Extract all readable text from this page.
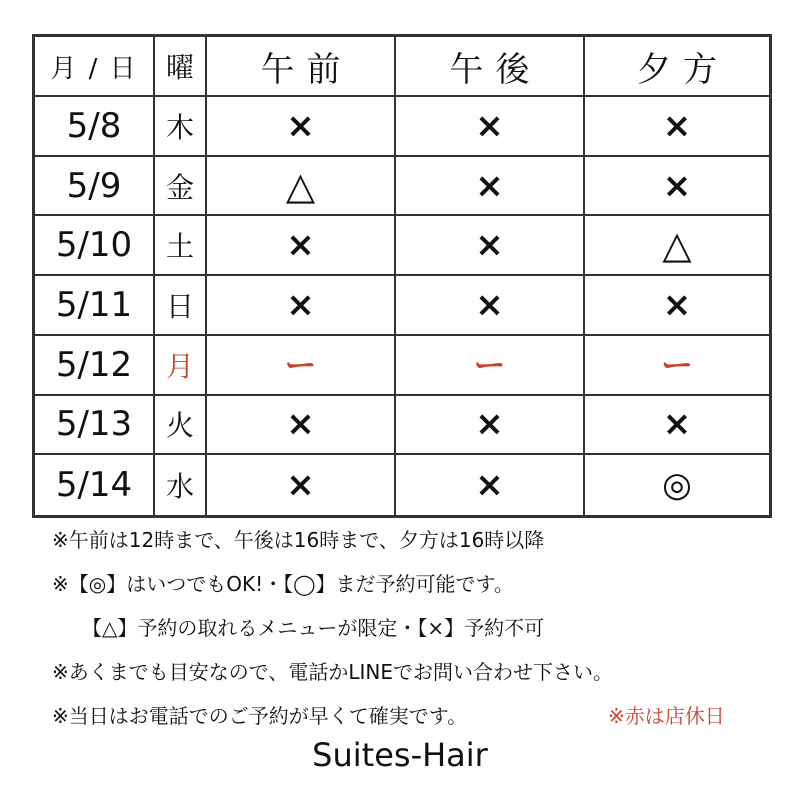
月 / 日	曜	午前	午後	夕方
5/8	木	×	×	×
5/9	金	△	×	×
5/10	土	×	×	△
5/11	日	×	×	×
5/12	月	ー	ー	ー
5/13	火	×	×	×
5/14	水	×	×	◎
※午前は12時まで、午後は16時まで、夕方は16時以降
※【◎】はいつでもOK!・【◯】まだ予約可能です。
【△】予約の取れるメニューが限定・【×】予約不可
※あくまでも目安なので、電話かLINEでお問い合わせ下さい。
※当日はお電話でのご予約が早くて確実です。	※赤は店休日
Suites-Hair
